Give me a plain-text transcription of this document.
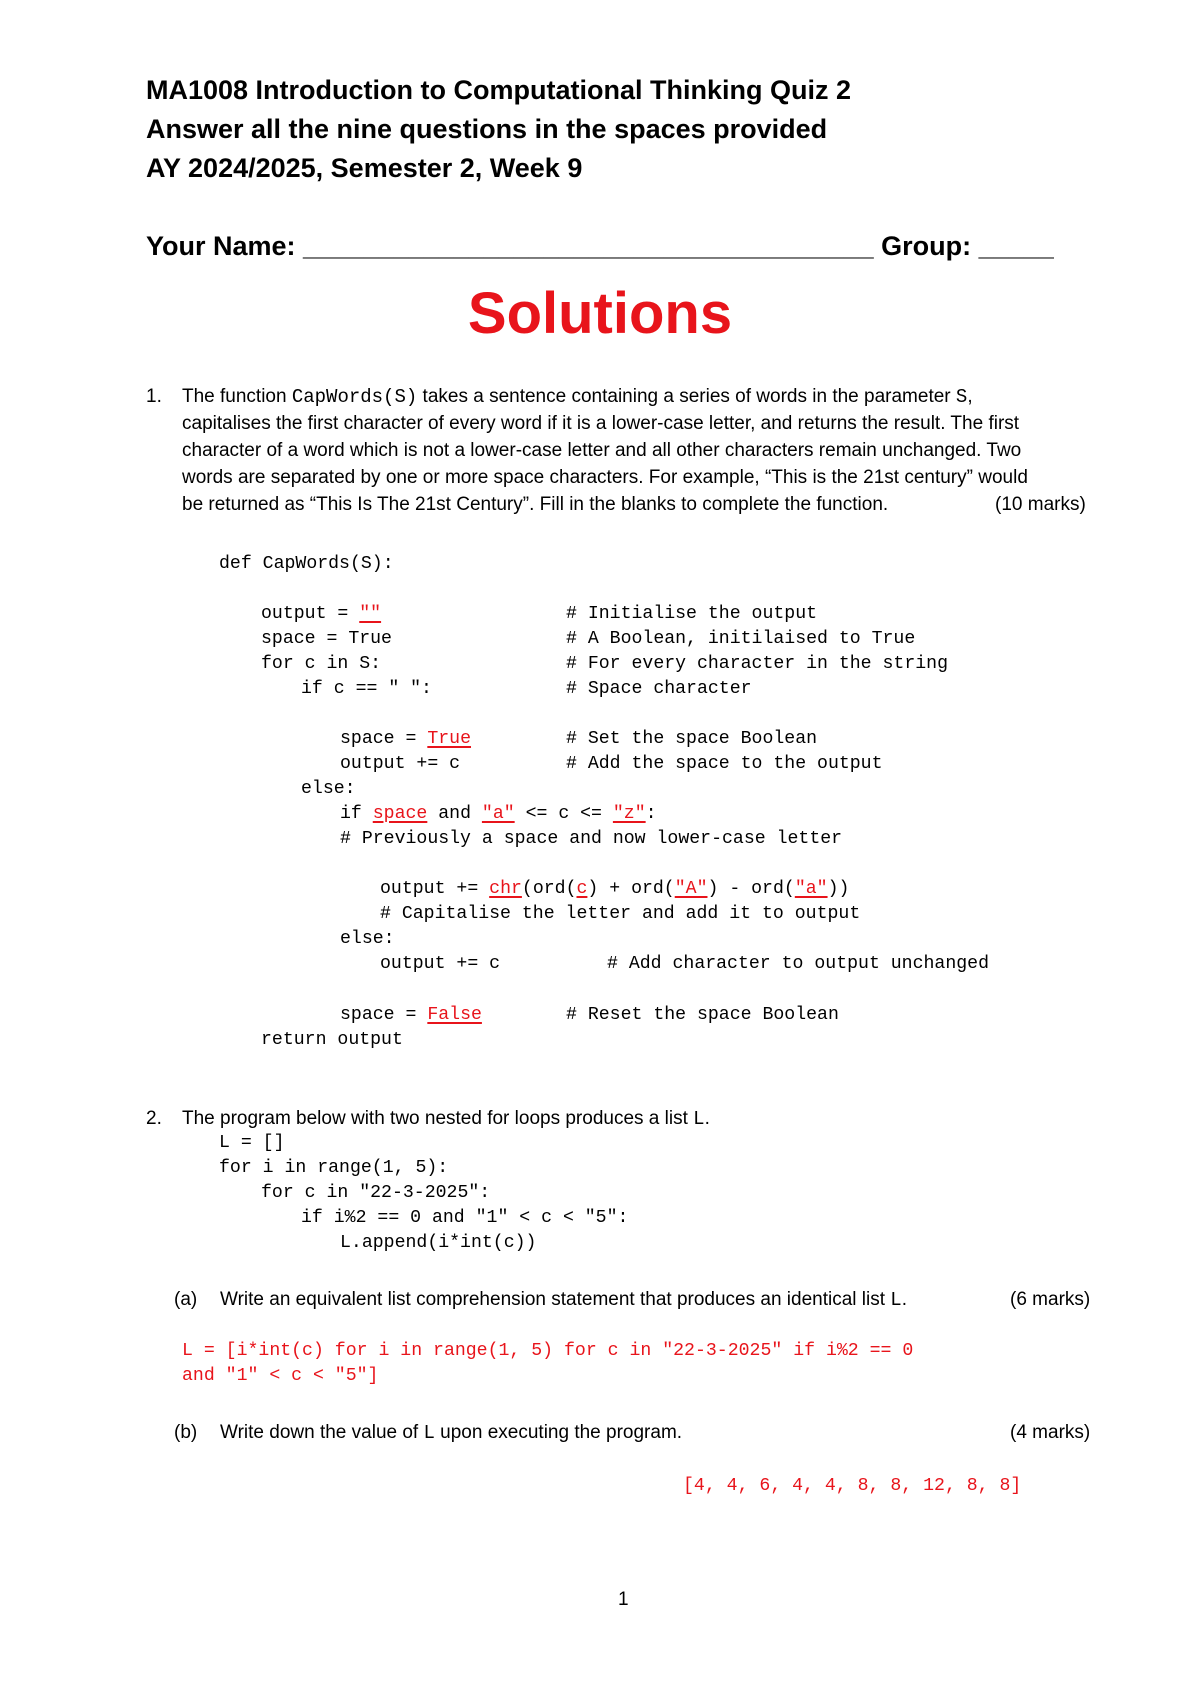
MA1008 Introduction to Computational Thinking Quiz 2
Answer all the nine questions in the spaces provided
AY 2024/2025, Semester 2, Week 9
Your Name: ______________________________________ Group: _____
Solutions
1. The function CapWords(S) takes a sentence containing a series of words in the parameter S,
capitalises the first character of every word if it is a lower-case letter, and returns the result. The first
character of a word which is not a lower-case letter and all other characters remain unchanged. Two
words are separated by one or more space characters. For example, “This is the 21st century” would
be returned as “This Is The 21st Century”. Fill in the blanks to complete the function.	(10 marks)
def CapWords(S):
output = ""	# Initialise the output
space = True	# A Boolean, initilaised to True
for c in S:	# For every character in the string
if c == " ":	# Space character
space = True	# Set the space Boolean
output += c	# Add the space to the output
else:
if space and "a" <= c <= "z":
# Previously a space and now lower-case letter
output += chr(ord(c) + ord("A") - ord("a"))
# Capitalise the letter and add it to output
else:
output += c	# Add character to output unchanged
space = False	# Reset the space Boolean
return output
2. The program below with two nested for loops produces a list L.
L = []
for i in range(1, 5):
for c in "22-3-2025":
if i%2 == 0 and "1" < c < "5":
L.append(i*int(c))
(a) Write an equivalent list comprehension statement that produces an identical list L.	(6 marks)
L = [i*int(c) for i in range(1, 5) for c in "22-3-2025" if i%2 == 0
and "1" < c < "5"]
(b) Write down the value of L upon executing the program.	(4 marks)
[4, 4, 6, 4, 4, 8, 8, 12, 8, 8]
1
